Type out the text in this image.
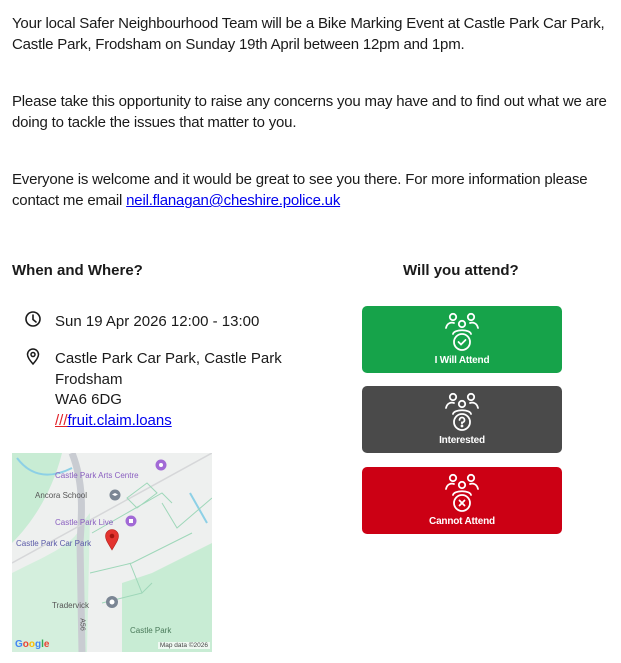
Your local Safer Neighbourhood Team will be a Bike Marking Event at Castle Park Car Park, Castle Park, Frodsham on Sunday 19th April between 12pm and 1pm.

Please take this opportunity to raise any concerns you may have and to find out what we are doing to tackle the issues that matter to you.

Everyone is welcome and it would be great to see you there. For more information please contact me email neil.flanagan@cheshire.police.uk

When and Where?	Will you attend?
Sun 19 Apr 2026 12:00 - 13:00
Castle Park Car Park, Castle Park
Frodsham
WA6 6DG
///fruit.claim.loans
Castle Park Arts Centre
Ancora School
Castle Park Live
Castle Park Car Park
Tradervick
A56	Castle Park
Google	Map data ©2026
I Will Attend
Interested
Cannot Attend
